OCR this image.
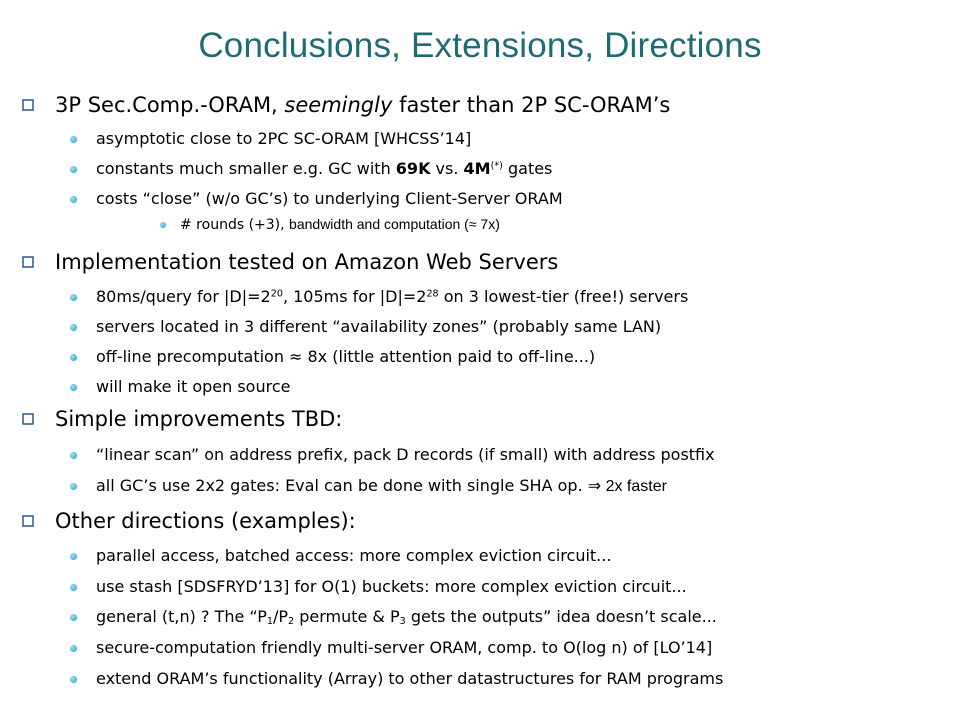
Conclusions, Extensions, Directions
3P Sec.Comp.-ORAM, seemingly faster than 2P SC-ORAM’s
asymptotic close to 2PC SC-ORAM [WHCSS’14]
constants much smaller e.g. GC with 69K vs. 4M(*) gates
costs “close” (w/o GC’s) to underlying Client-Server ORAM
# rounds (+3), bandwidth and computation (≈ 7x)
Implementation tested on Amazon Web Servers
80ms/query for $|D|=2^{20}$, 105ms for $|D|=2^{28}$ on 3 lowest-tier (free!) servers
servers located in 3 different “availability zones” (probably same LAN)
off-line precomputation ≈ 8x (little attention paid to off-line...)
will make it open source
Simple improvements TBD:
“linear scan” on address prefix, pack D records (if small) with address postfix
all GC’s use 2x2 gates: Eval can be done with single SHA op. ⇒ 2x faster
Other directions (examples):
parallel access, batched access: more complex eviction circuit...
use stash [SDSFRYD’13] for O(1) buckets: more complex eviction circuit...
general (t,n) ? The “$P_1/P_2$ permute & $P_3$ gets the outputs” idea doesn’t scale...
secure-computation friendly multi-server ORAM, comp. to O(log n) of [LO’14]
extend ORAM’s functionality (Array) to other datastructures for RAM programs
